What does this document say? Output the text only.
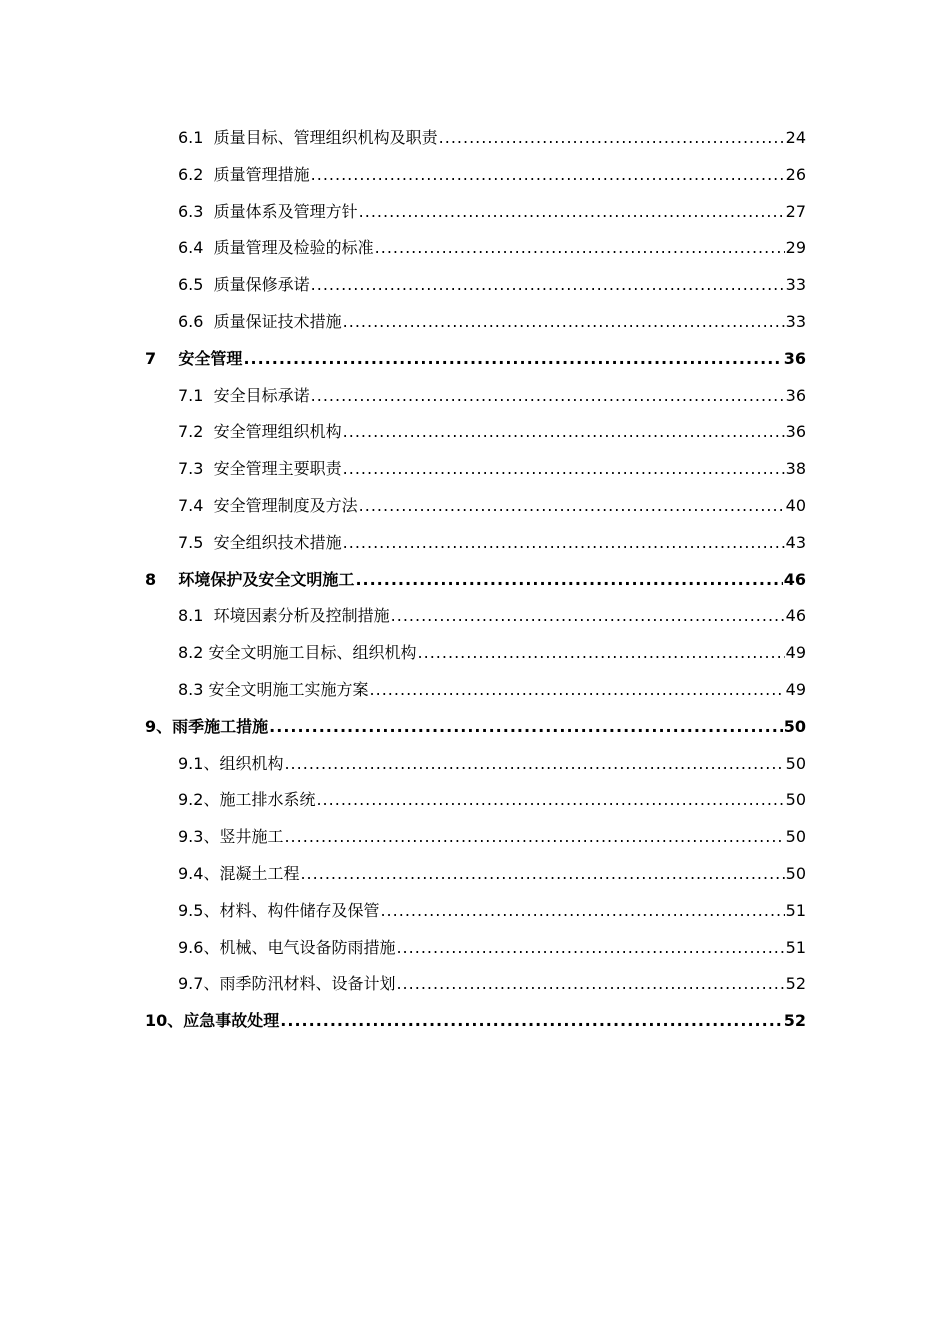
6.1 质量目标、管理组织机构及职责 .....	24
6.2 质量管理措施 .....	26
6.3 质量体系及管理方针 .....	27
6.4 质量管理及检验的标准 .....	29
6.5 质量保修承诺 .....	33
6.6 质量保证技术措施 .....	33
7 安全管理 .....	36
7.1 安全目标承诺 .....	36
7.2 安全管理组织机构 .....	36
7.3 安全管理主要职责 .....	38
7.4 安全管理制度及方法 .....	40
7.5 安全组织技术措施 .....	43
8 环境保护及安全文明施工 .....	46
8.1 环境因素分析及控制措施 .....	46
8.2 安全文明施工目标、组织机构 .....	49
8.3 安全文明施工实施方案 .....	49
9、 雨季施工措施 .....	50
9.1、 组织机构 .....	50
9.2、 施工排水系统 .....	50
9.3、 竖井施工 .....	50
9.4、 混凝土工程 .....	50
9.5、 材料、构件储存及保管 .....	51
9.6、 机械、电气设备防雨措施 .....	51
9.7、 雨季防汛材料、设备计划 .....	52
10、 应急事故处理 .....	52
